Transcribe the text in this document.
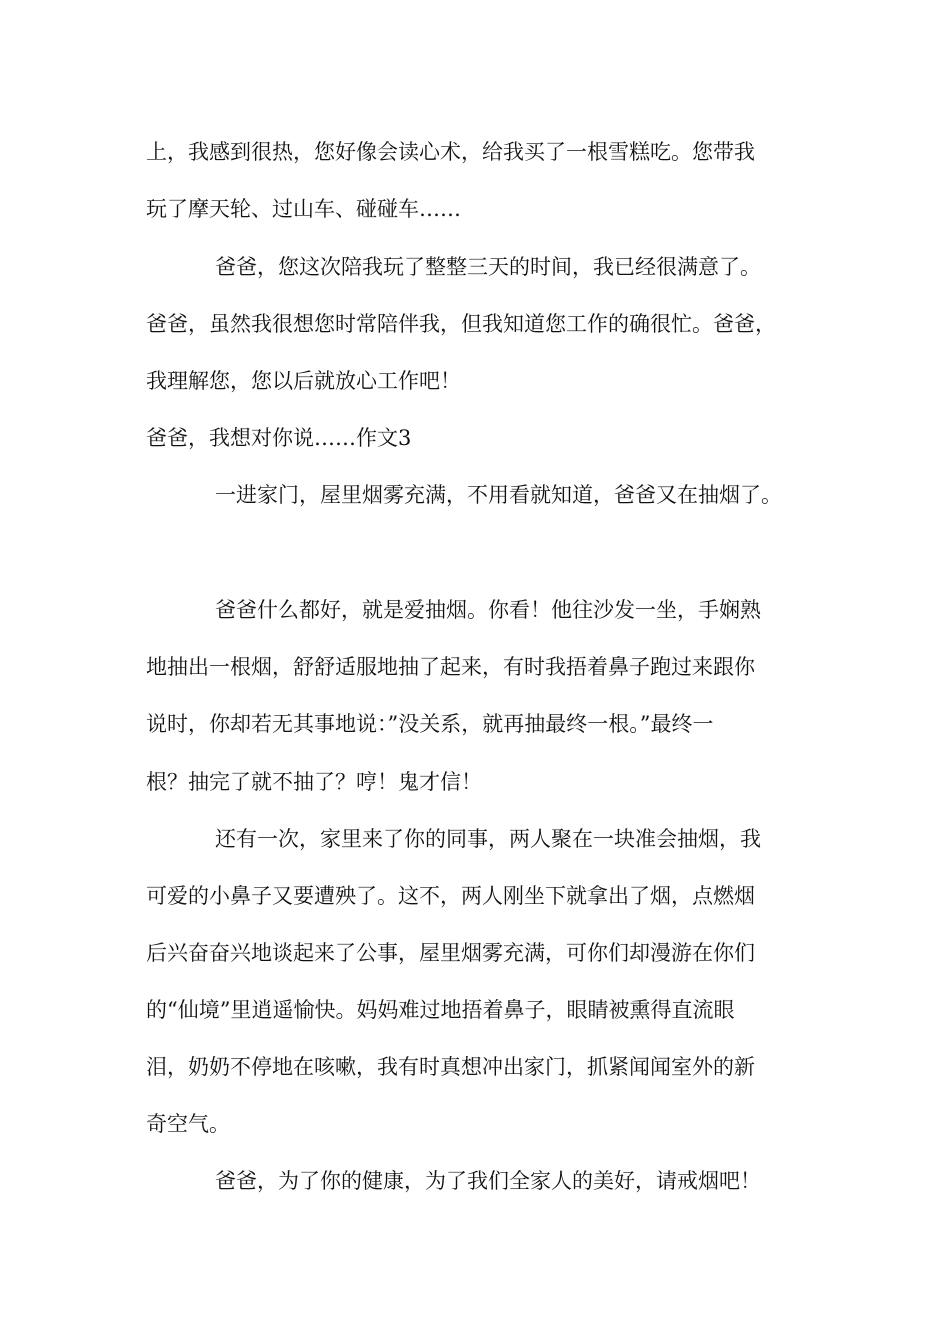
上，我感到很热，您好像会读心术，给我买了一根雪糕吃。您带我
玩了摩天轮、过山车、碰碰车……
爸爸，您这次陪我玩了整整三天的时间，我已经很满意了。
爸爸，虽然我很想您时常陪伴我，但我知道您工作的确很忙。爸爸，
我理解您，您以后就放心工作吧！
爸爸，我想对你说……作文3
一进家门，屋里烟雾充满，不用看就知道，爸爸又在抽烟了。
爸爸什么都好，就是爱抽烟。你看！他往沙发一坐，手娴熟
地抽出一根烟，舒舒适服地抽了起来，有时我捂着鼻子跑过来跟你
说时，你却若无其事地说：”没关系，就再抽最终一根。”最终一
根？抽完了就不抽了？哼！鬼才信！
还有一次，家里来了你的同事，两人聚在一块准会抽烟，我
可爱的小鼻子又要遭殃了。这不，两人刚坐下就拿出了烟，点燃烟
后兴奋奋兴地谈起来了公事，屋里烟雾充满，可你们却漫游在你们
的“仙境”里逍遥愉快。妈妈难过地捂着鼻子，眼睛被熏得直流眼
泪，奶奶不停地在咳嗽，我有时真想冲出家门，抓紧闻闻室外的新
奇空气。
爸爸，为了你的健康，为了我们全家人的美好，请戒烟吧！
